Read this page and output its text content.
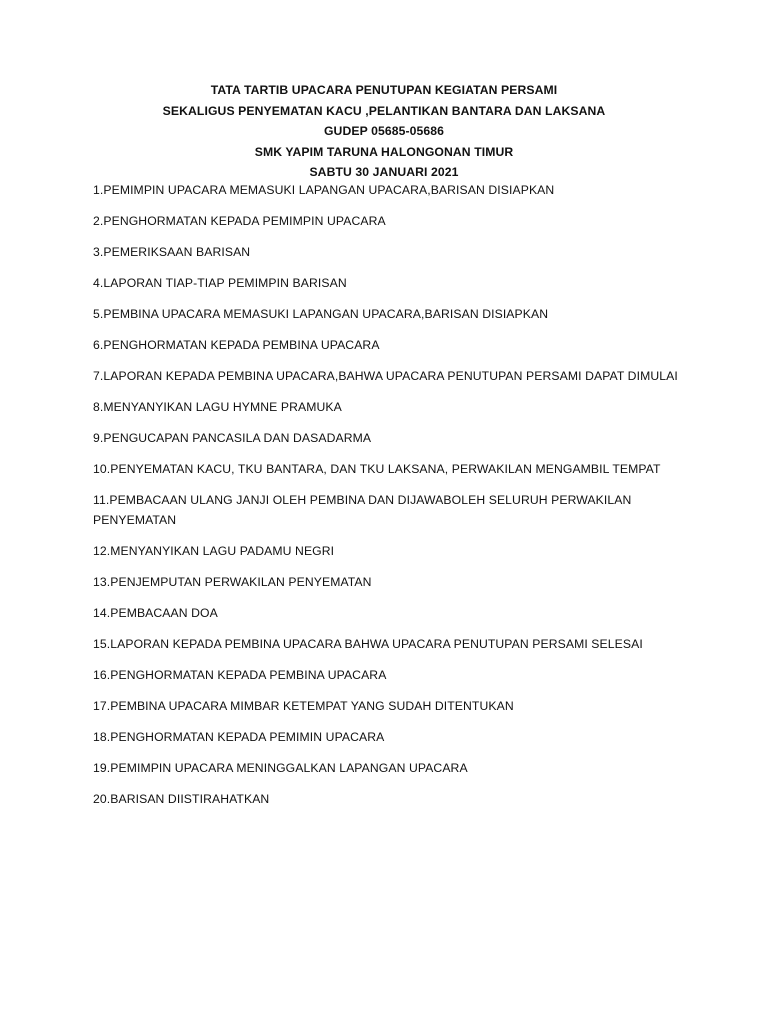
TATA TARTIB UPACARA PENUTUPAN KEGIATAN PERSAMI
SEKALIGUS PENYEMATAN KACU ,PELANTIKAN BANTARA DAN LAKSANA
GUDEP 05685-05686
SMK YAPIM TARUNA HALONGONAN TIMUR
SABTU 30 JANUARI 2021
1.PEMIMPIN UPACARA MEMASUKI LAPANGAN UPACARA,BARISAN DISIAPKAN
2.PENGHORMATAN KEPADA PEMIMPIN UPACARA
3.PEMERIKSAAN BARISAN
4.LAPORAN TIAP-TIAP PEMIMPIN BARISAN
5.PEMBINA UPACARA MEMASUKI LAPANGAN UPACARA,BARISAN DISIAPKAN
6.PENGHORMATAN KEPADA PEMBINA UPACARA
7.LAPORAN KEPADA PEMBINA UPACARA,BAHWA UPACARA PENUTUPAN PERSAMI DAPAT DIMULAI
8.MENYANYIKAN LAGU HYMNE PRAMUKA
9.PENGUCAPAN PANCASILA DAN DASADARMA
10.PENYEMATAN KACU, TKU BANTARA, DAN TKU LAKSANA, PERWAKILAN MENGAMBIL TEMPAT
11.PEMBACAAN ULANG JANJI OLEH PEMBINA DAN DIJAWABOLEH SELURUH PERWAKILAN PENYEMATAN
12.MENYANYIKAN LAGU PADAMU NEGRI
13.PENJEMPUTAN PERWAKILAN PENYEMATAN
14.PEMBACAAN DOA
15.LAPORAN KEPADA PEMBINA UPACARA BAHWA UPACARA PENUTUPAN PERSAMI SELESAI
16.PENGHORMATAN KEPADA PEMBINA UPACARA
17.PEMBINA UPACARA MIMBAR KETEMPAT YANG SUDAH DITENTUKAN
18.PENGHORMATAN KEPADA PEMIMIN UPACARA
19.PEMIMPIN UPACARA MENINGGALKAN LAPANGAN UPACARA
20.BARISAN DIISTIRAHATKAN
